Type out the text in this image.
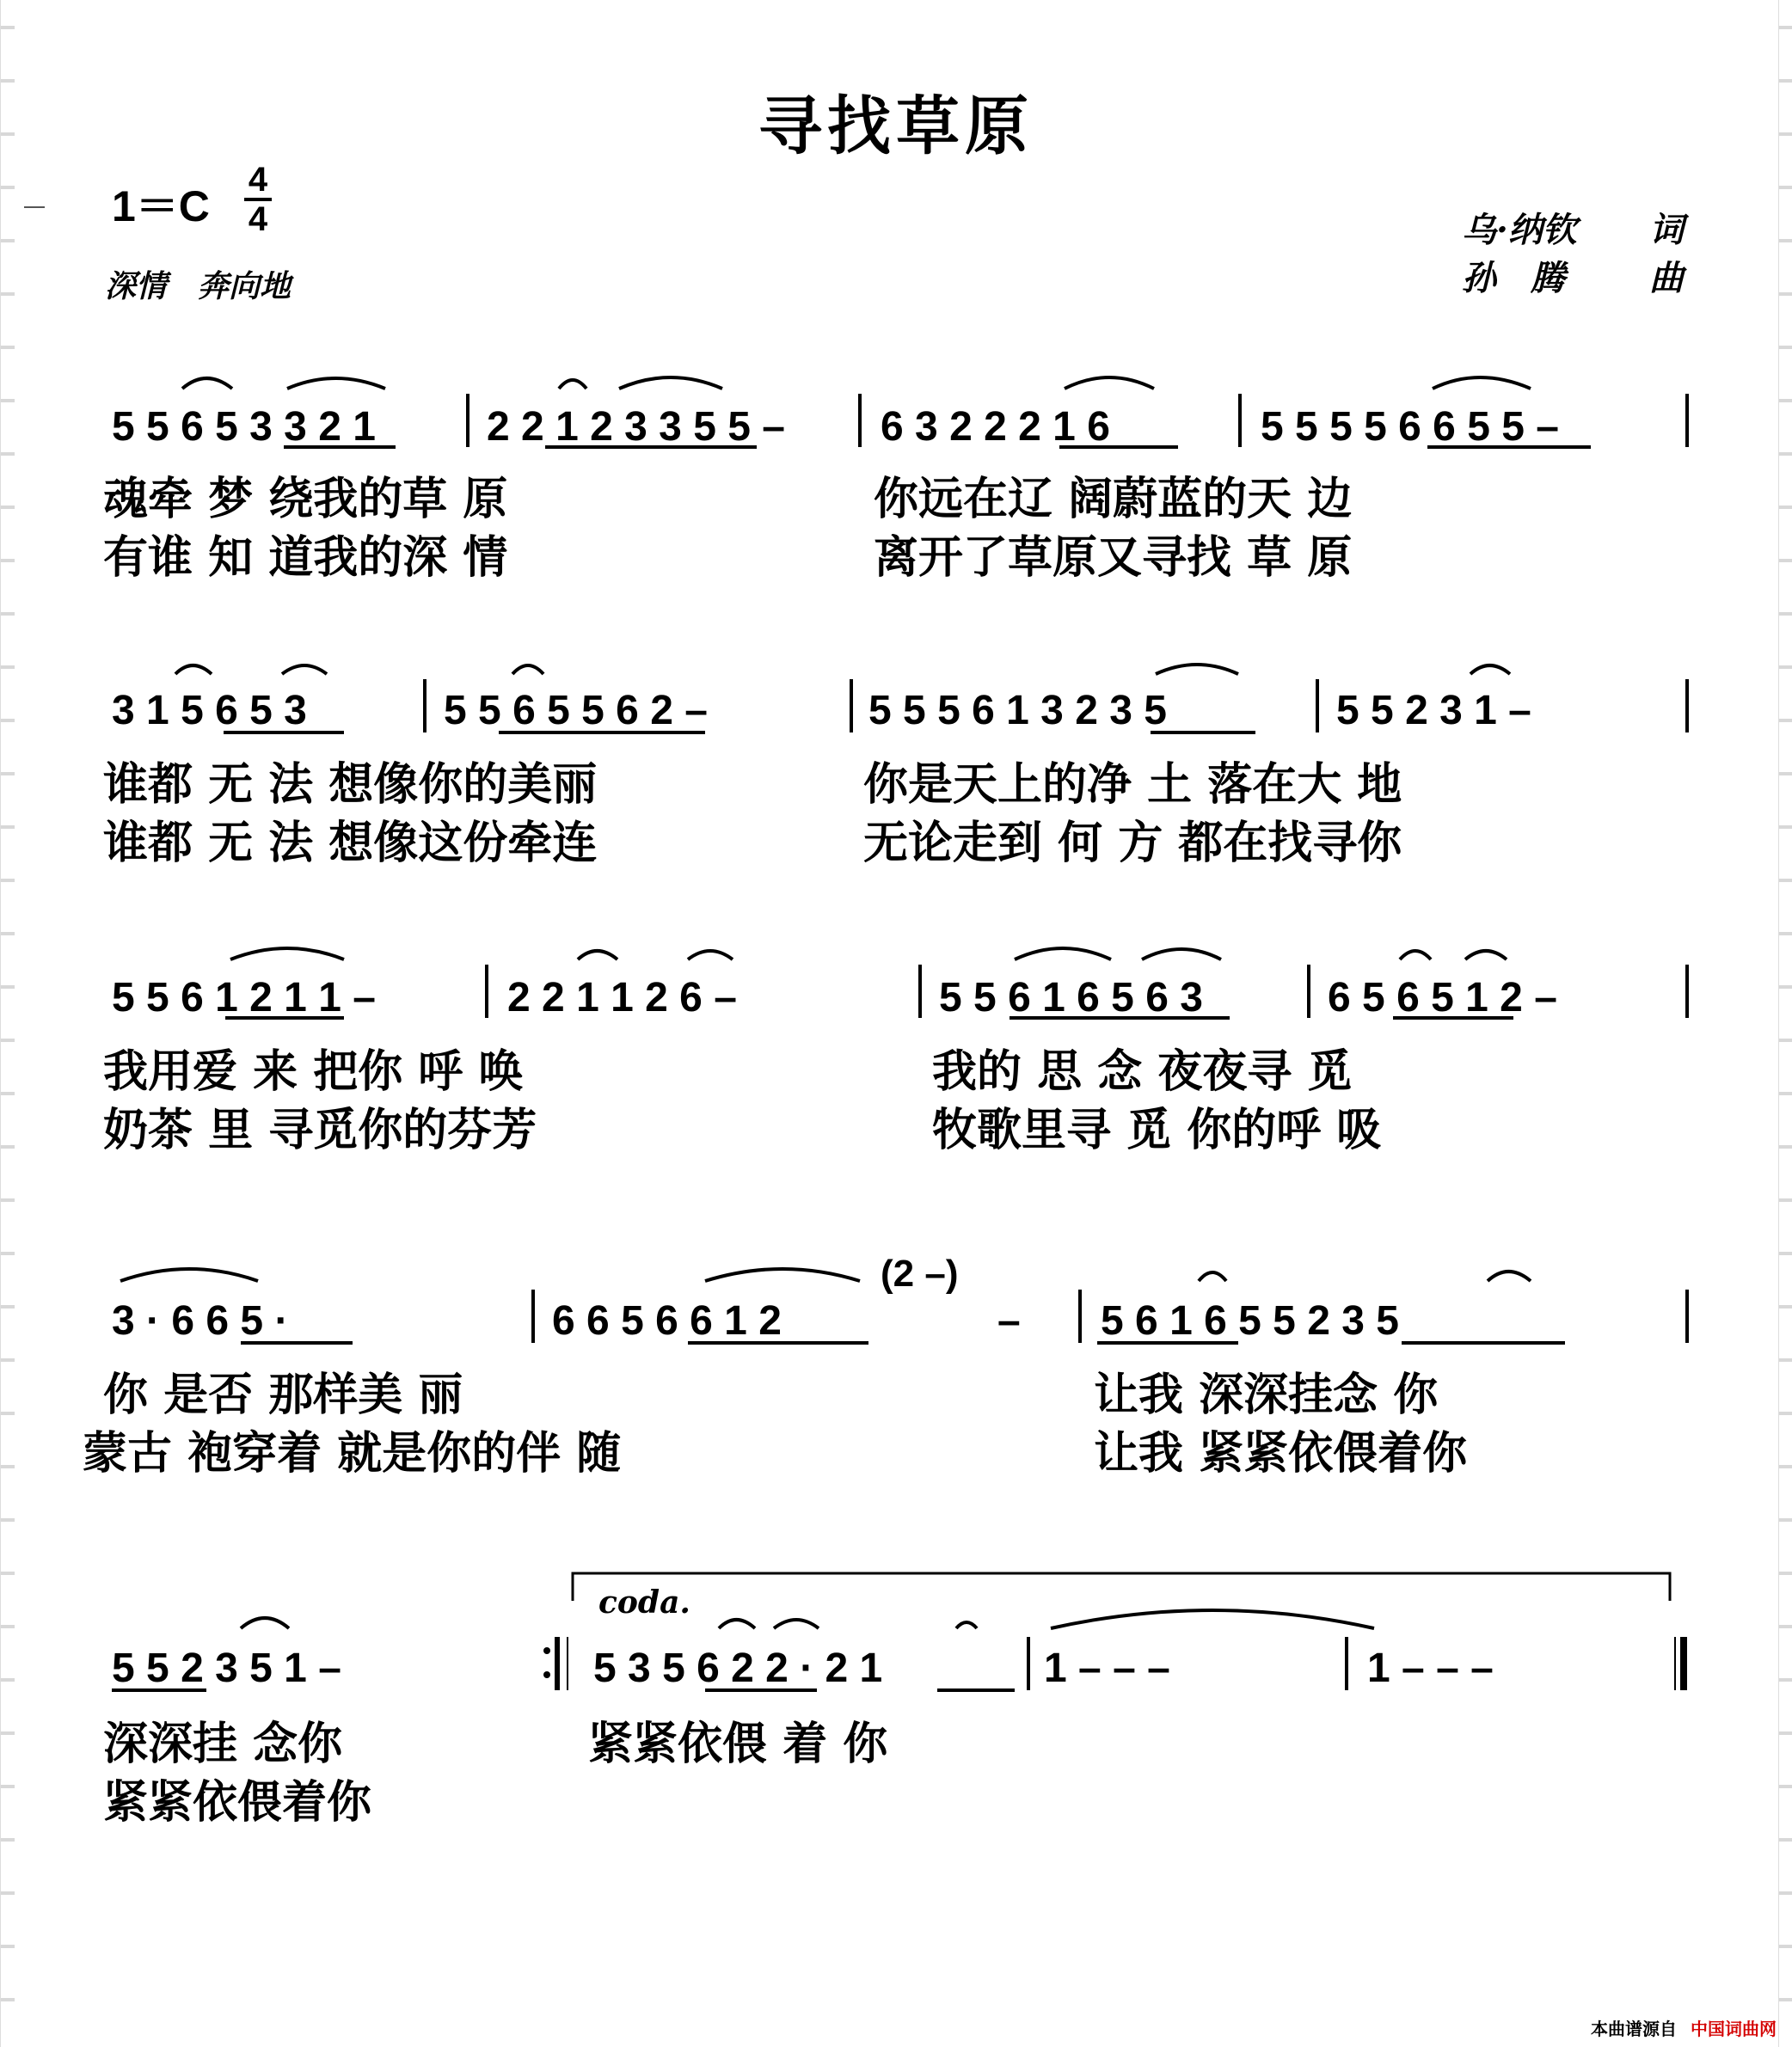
寻找草原
1＝C
4
4
深情　奔向地
乌·纳钦 词
孙　腾 曲
5 5 6 5 3 3 2 1	2 2 1 2 3 3 5 5 – 6 3 2 2 2 1 6	5 5 5 5 6 6 5 5 –
3 1 5 6 5 3	5 5 6 5 5 6 2 –	5 5 5 6 1 3 2 3 5	5 5 2 3 1 –
5 5 6 1 2 1 1 –	2 2 1 1 2 6 –	5 5 6 1 6 5 6 3	6 5 6 5 1 2 –
3 · 6 6 5 ·	6 6 5 6 6 1 2	–
(2 –)
5 6 1 6 5 5 2 3 5
5 5 2 3 5 1 –	5 3 5 6 2 2 · 2 1	1 – – –	1 – – –
coda.
魂牵 梦 绕我的草 原	你远在辽 阔蔚蓝的天 边
有谁 知 道我的深 情	离开了草原又寻找 草 原
谁都 无 法 想像你的美丽	你是天上的净 土 落在大 地
谁都 无 法 想像这份牵连	无论走到 何 方 都在找寻你
我用爱 来 把你 呼 唤	我的 思 念 夜夜寻 觅
奶茶 里 寻觅你的芬芳	牧歌里寻 觅 你的呼 吸
你 是否 那样美 丽	让我 深深挂念 你
蒙古 袍穿着 就是你的伴 随	让我 紧紧依偎着你
深深挂 念你	紧紧依偎 着 你
紧紧依偎着你
本曲谱源自 中国词曲网
